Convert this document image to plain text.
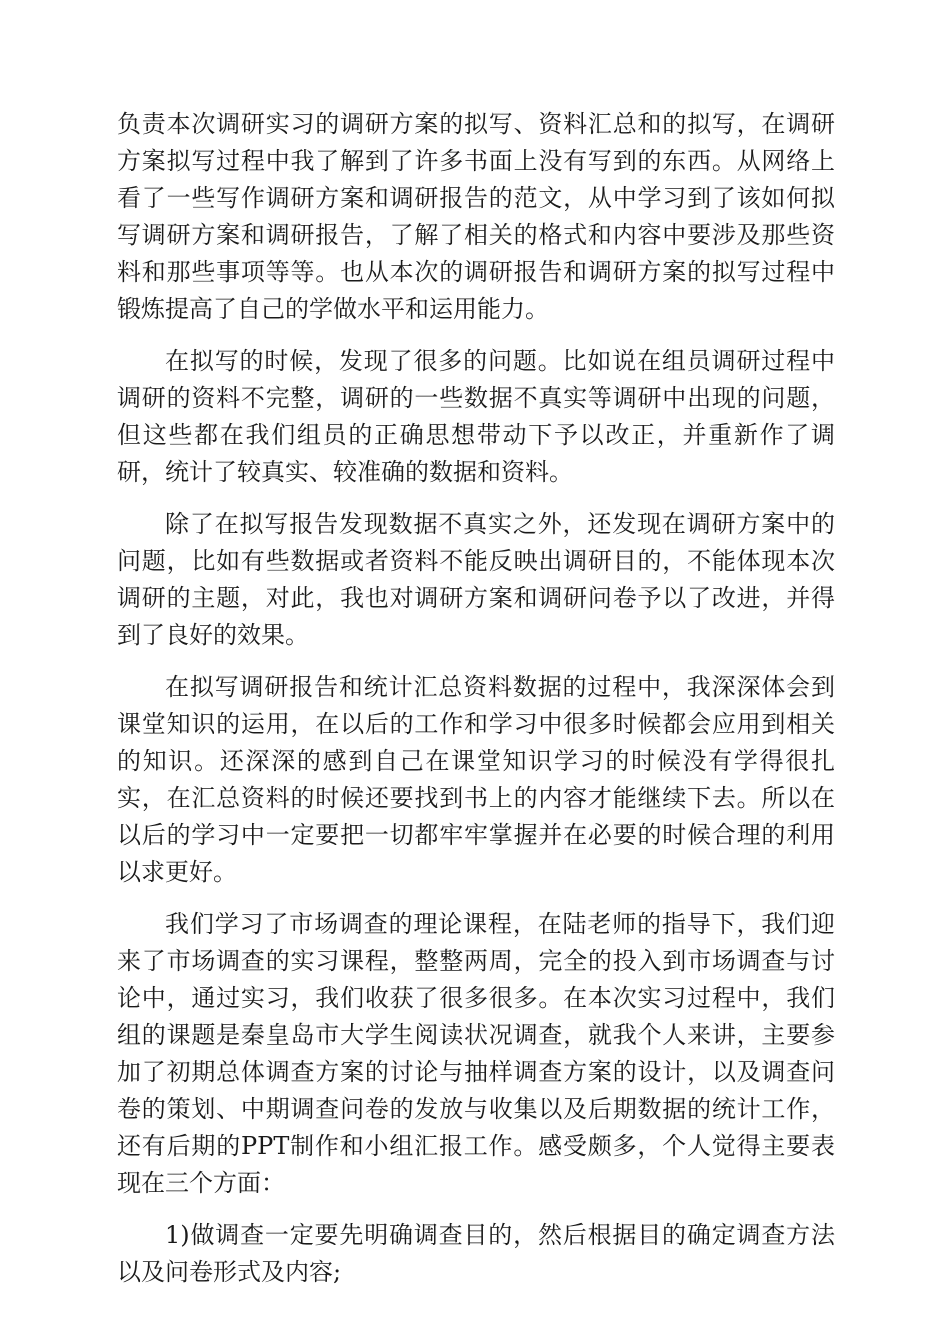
负责本次调研实习的调研方案的拟写、资料汇总和的拟写，在调研方案拟写过程中我了解到了许多书面上没有写到的东西。从网络上看了一些写作调研方案和调研报告的范文，从中学习到了该如何拟写调研方案和调研报告，了解了相关的格式和内容中要涉及那些资料和那些事项等等。也从本次的调研报告和调研方案的拟写过程中锻炼提高了自己的学做水平和运用能力。

在拟写的时候，发现了很多的问题。比如说在组员调研过程中调研的资料不完整，调研的一些数据不真实等调研中出现的问题，但这些都在我们组员的正确思想带动下予以改正，并重新作了调研，统计了较真实、较准确的数据和资料。

除了在拟写报告发现数据不真实之外，还发现在调研方案中的问题，比如有些数据或者资料不能反映出调研目的，不能体现本次调研的主题，对此，我也对调研方案和调研问卷予以了改进，并得到了良好的效果。

在拟写调研报告和统计汇总资料数据的过程中，我深深体会到课堂知识的运用，在以后的工作和学习中很多时候都会应用到相关的知识。还深深的感到自己在课堂知识学习的时候没有学得很扎实，在汇总资料的时候还要找到书上的内容才能继续下去。所以在以后的学习中一定要把一切都牢牢掌握并在必要的时候合理的利用以求更好。

我们学习了市场调查的理论课程，在陆老师的指导下，我们迎来了市场调查的实习课程，整整两周，完全的投入到市场调查与讨论中，通过实习，我们收获了很多很多。在本次实习过程中，我们组的课题是秦皇岛市大学生阅读状况调查，就我个人来讲，主要参加了初期总体调查方案的讨论与抽样调查方案的设计，以及调查问卷的策划、中期调查问卷的发放与收集以及后期数据的统计工作，还有后期的PPT制作和小组汇报工作。感受颇多，个人觉得主要表现在三个方面：

1)做调查一定要先明确调查目的，然后根据目的确定调查方法以及问卷形式及内容;
